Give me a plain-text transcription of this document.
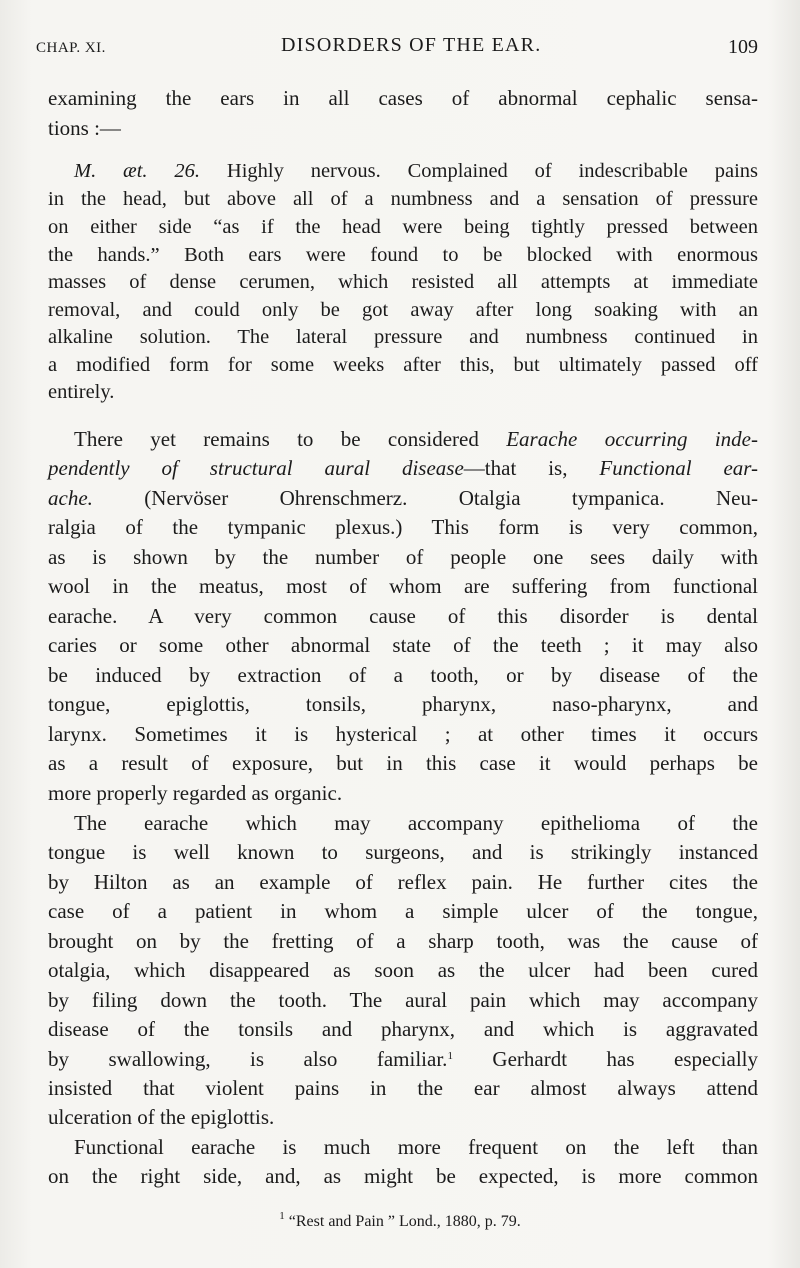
CHAP. XI.	DISORDERS OF THE EAR.	109
examining the ears in all cases of abnormal cephalic sensa-
tions :—
M. æt. 26. Highly nervous. Complained of indescribable pains
in the head, but above all of a numbness and a sensation of pressure
on either side “as if the head were being tightly pressed between
the hands.” Both ears were found to be blocked with enormous
masses of dense cerumen, which resisted all attempts at immediate
removal, and could only be got away after long soaking with an
alkaline solution. The lateral pressure and numbness continued in
a modified form for some weeks after this, but ultimately passed off
entirely.
There yet remains to be considered Earache occurring inde-
pendently of structural aural disease—that is, Functional ear-
ache. (Nervöser Ohrenschmerz. Otalgia tympanica. Neu-
ralgia of the tympanic plexus.) This form is very common,
as is shown by the number of people one sees daily with
wool in the meatus, most of whom are suffering from functional
earache. A very common cause of this disorder is dental
caries or some other abnormal state of the teeth ; it may also
be induced by extraction of a tooth, or by disease of the
tongue, epiglottis, tonsils, pharynx, naso-pharynx, and
larynx. Sometimes it is hysterical ; at other times it occurs
as a result of exposure, but in this case it would perhaps be
more properly regarded as organic.
The earache which may accompany epithelioma of the
tongue is well known to surgeons, and is strikingly instanced
by Hilton as an example of reflex pain. He further cites the
case of a patient in whom a simple ulcer of the tongue,
brought on by the fretting of a sharp tooth, was the cause of
otalgia, which disappeared as soon as the ulcer had been cured
by filing down the tooth. The aural pain which may accompany
disease of the tonsils and pharynx, and which is aggravated
by swallowing, is also familiar.$^1$ Gerhardt has especially
insisted that violent pains in the ear almost always attend
ulceration of the epiglottis.
Functional earache is much more frequent on the left than
on the right side, and, as might be expected, is more common
$^1$ “Rest and Pain ” Lond., 1880, p. 79.
